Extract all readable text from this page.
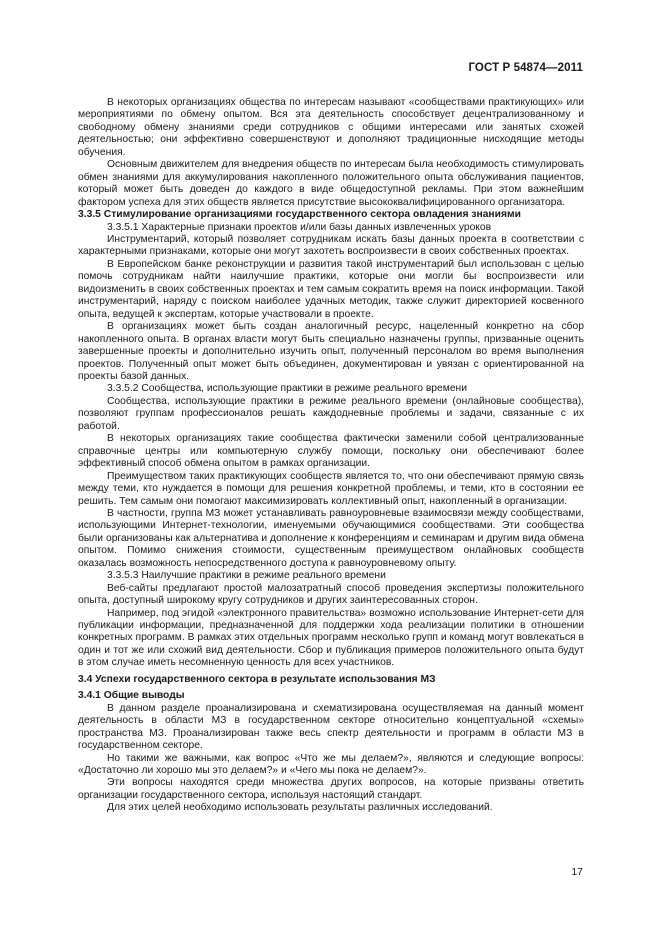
ГОСТ Р 54874—2011

В некоторых организациях общества по интересам называют «сообществами практикующих» или мероприятиями по обмену опытом. Вся эта деятельность способствует децентрализованному и свободному обмену знаниями среди сотрудников с общими интересами или занятых схожей деятельностью; они эффективно совершенствуют и дополняют традиционные нисходящие методы обучения.

Основным движителем для внедрения обществ по интересам была необходимость стимулировать обмен знаниями для аккумулирования накопленного положительного опыта обслуживания пациентов, который может быть доведен до каждого в виде общедоступной рекламы. При этом важнейшим фактором успеха для этих обществ является присутствие высококвалифицированного организатора.

3.3.5 Стимулирование организациями государственного сектора овладения знаниями

3.3.5.1 Характерные признаки проектов и/или базы данных извлеченных уроков

Инструментарий, который позволяет сотрудникам искать базы данных проекта в соответствии с характерными признаками, которые они могут захотеть воспроизвести в своих собственных проектах.

В Европейском банке реконструкции и развития такой инструментарий был использован с целью помочь сотрудникам найти наилучшие практики, которые они могли бы воспроизвести или видоизменить в своих собственных проектах и тем самым сократить время на поиск информации. Такой инструментарий, наряду с поиском наиболее удачных методик, также служит директорией косвенного опыта, ведущей к экспертам, которые участвовали в проекте.

В организациях может быть создан аналогичный ресурс, нацеленный конкретно на сбор накопленного опыта. В органах власти могут быть специально назначены группы, призванные оценить завершенные проекты и дополнительно изучить опыт, полученный персоналом во время выполнения проектов. Полученный опыт может быть объединен, документирован и увязан с ориентированной на проекты базой данных.

3.3.5.2 Сообщества, использующие практики в режиме реального времени

Сообщества, использующие практики в режиме реального времени (онлайновые сообщества), позволяют группам профессионалов решать каждодневные проблемы и задачи, связанные с их работой.

В некоторых организациях такие сообщества фактически заменили собой централизованные справочные центры или компьютерную службу помощи, поскольку они обеспечивают более эффективный способ обмена опытом в рамках организации.

Преимуществом таких практикующих сообществ является то, что они обеспечивают прямую связь между теми, кто нуждается в помощи для решения конкретной проблемы, и теми, кто в состоянии ее решить. Тем самым они помогают максимизировать коллективный опыт, накопленный в организации.

В частности, группа МЗ может устанавливать равноуровневые взаимосвязи между сообществами, использующими Интернет-технологии, именуемыми обучающимися сообществами. Эти сообщества были организованы как альтернатива и дополнение к конференциям и семинарам и другим вида обмена опытом. Помимо снижения стоимости, существенным преимуществом онлайновых сообществ оказалась возможность непосредственного доступа к равноуровневому опыту.

3.3.5.3 Наилучшие практики в режиме реального времени

Веб-сайты предлагают простой малозатратный способ проведения экспертизы положительного опыта, доступный широкому кругу сотрудников и других заинтересованных сторон.

Например, под эгидой «электронного правительства» возможно использование Интернет-сети для публикации информации, предназначенной для поддержки хода реализации политики в отношении конкретных программ. В рамках этих отдельных программ несколько групп и команд могут вовлекаться в один и тот же или схожий вид деятельности. Сбор и публикация примеров положительного опыта будут в этом случае иметь несомненную ценность для всех участников.

3.4 Успехи государственного сектора в результате использования МЗ

3.4.1 Общие выводы

В данном разделе проанализирована и схематизирована осуществляемая на данный момент деятельность в области МЗ в государственном секторе относительно концептуальной «схемы» пространства МЗ. Проанализирован также весь спектр деятельности и программ в области МЗ в государственном секторе.

Но такими же важными, как вопрос «Что же мы делаем?», являются и следующие вопросы: «Достаточно ли хорошо мы это делаем?» и «Чего мы пока не делаем?».

Эти вопросы находятся среди множества других вопросов, на которые призваны ответить организации государственного сектора, используя настоящий стандарт.

Для этих целей необходимо использовать результаты различных исследований.

17
